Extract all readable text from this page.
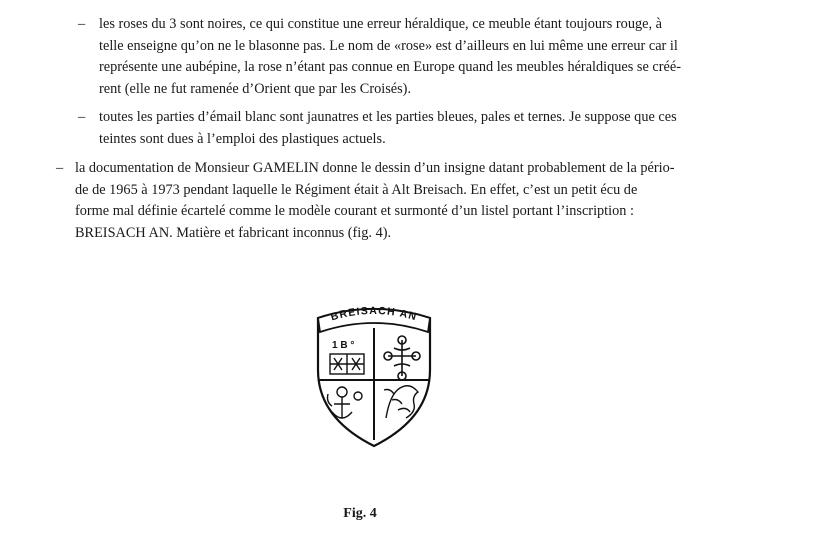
– les roses du 3 sont noires, ce qui constitue une erreur héraldique, ce meuble étant toujours rouge, à
telle enseigne qu’on ne le blasonne pas. Le nom de «rose» est d’ailleurs en lui même une erreur car il
représente une aubépine, la rose n’étant pas connue en Europe quand les meubles héraldiques se créé-
rent (elle ne fut ramenée d’Orient que par les Croisés).
– toutes les parties d’émail blanc sont jaunatres et les parties bleues, pales et ternes. Je suppose que ces
teintes sont dues à l’emploi des plastiques actuels.
– la documentation de Monsieur GAMELIN donne le dessin d’un insigne datant probablement de la pério-
de de 1965 à 1973 pendant laquelle le Régiment était à Alt Breisach. En effet, c’est un petit écu de
forme mal définie écartelé comme le modèle courant et surmonté d’un listel portant l’inscription :
BREISACH AN. Matière et fabricant inconnus (fig. 4).
BREISACH AN
1 B °
Fig. 4
